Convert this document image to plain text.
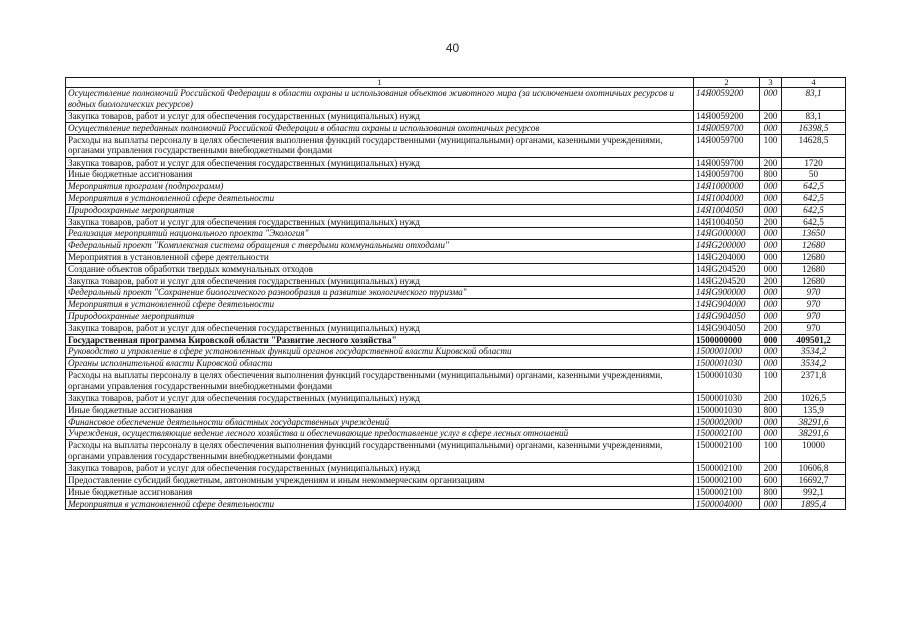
40
1	2	3	4
Осуществление полномочий Российской Федерации в области охраны и использования объектов животного мира (за исключением охотничьих ресурсов и водных биологических ресурсов)	14Я0059200	000	83,1
Закупка товаров, работ и услуг для обеспечения государственных (муниципальных) нужд	14Я0059200	200	83,1
Осуществление переданных полномочий Российской Федерации в области охраны и использования охотничьих ресурсов	14Я0059700	000	16398,5
Расходы на выплаты персоналу в целях обеспечения выполнения функций государственными (муниципальными) органами, казенными учреждениями, органами управления государственными внебюджетными фондами	14Я0059700	100	14628,5
Закупка товаров, работ и услуг для обеспечения государственных (муниципальных) нужд	14Я0059700	200	1720
Иные бюджетные ассигнования	14Я0059700	800	50
Мероприятия программ (подпрограмм)	14Я1000000	000	642,5
Мероприятия в установленной сфере деятельности	14Я1004000	000	642,5
Природоохранные мероприятия	14Я1004050	000	642,5
Закупка товаров, работ и услуг для обеспечения государственных (муниципальных) нужд	14Я1004050	200	642,5
Реализация мероприятий национального проекта "Экология"	14ЯG000000	000	13650
Федеральный проект "Комплексная система обращения с твердыми коммунальными отходами"	14ЯG200000	000	12680
Мероприятия в установленной сфере деятельности	14ЯG204000	000	12680
Создание объектов обработки твердых коммунальных отходов	14ЯG204520	000	12680
Закупка товаров, работ и услуг для обеспечения государственных (муниципальных) нужд	14ЯG204520	200	12680
Федеральный проект "Сохранение биологического разнообразия и развитие экологического туризма"	14ЯG900000	000	970
Мероприятия в установленной сфере деятельности	14ЯG904000	000	970
Природоохранные мероприятия	14ЯG904050	000	970
Закупка товаров, работ и услуг для обеспечения государственных (муниципальных) нужд	14ЯG904050	200	970
Государственная программа Кировской области "Развитие лесного хозяйства"	1500000000	000	409501,2
Руководство и управление в сфере установленных функций органов государственной власти Кировской области	1500001000	000	3534,2
Органы исполнительной власти Кировской области	1500001030	000	3534,2
Расходы на выплаты персоналу в целях обеспечения выполнения функций государственными (муниципальными) органами, казенными учреждениями, органами управления государственными внебюджетными фондами	1500001030	100	2371,8
Закупка товаров, работ и услуг для обеспечения государственных (муниципальных) нужд	1500001030	200	1026,5
Иные бюджетные ассигнования	1500001030	800	135,9
Финансовое обеспечение деятельности областных государственных учреждений	1500002000	000	38291,6
Учреждения, осуществляющие ведение лесного хозяйства и обеспечивающие предоставление услуг в сфере лесных отношений	1500002100	000	38291,6
Расходы на выплаты персоналу в целях обеспечения выполнения функций государственными (муниципальными) органами, казенными учреждениями, органами управления государственными внебюджетными фондами	1500002100	100	10000
Закупка товаров, работ и услуг для обеспечения государственных (муниципальных) нужд	1500002100	200	10606,8
Предоставление субсидий бюджетным, автономным учреждениям и иным некоммерческим организациям	1500002100	600	16692,7
Иные бюджетные ассигнования	1500002100	800	992,1
Мероприятия в установленной сфере деятельности	1500004000	000	1895,4
